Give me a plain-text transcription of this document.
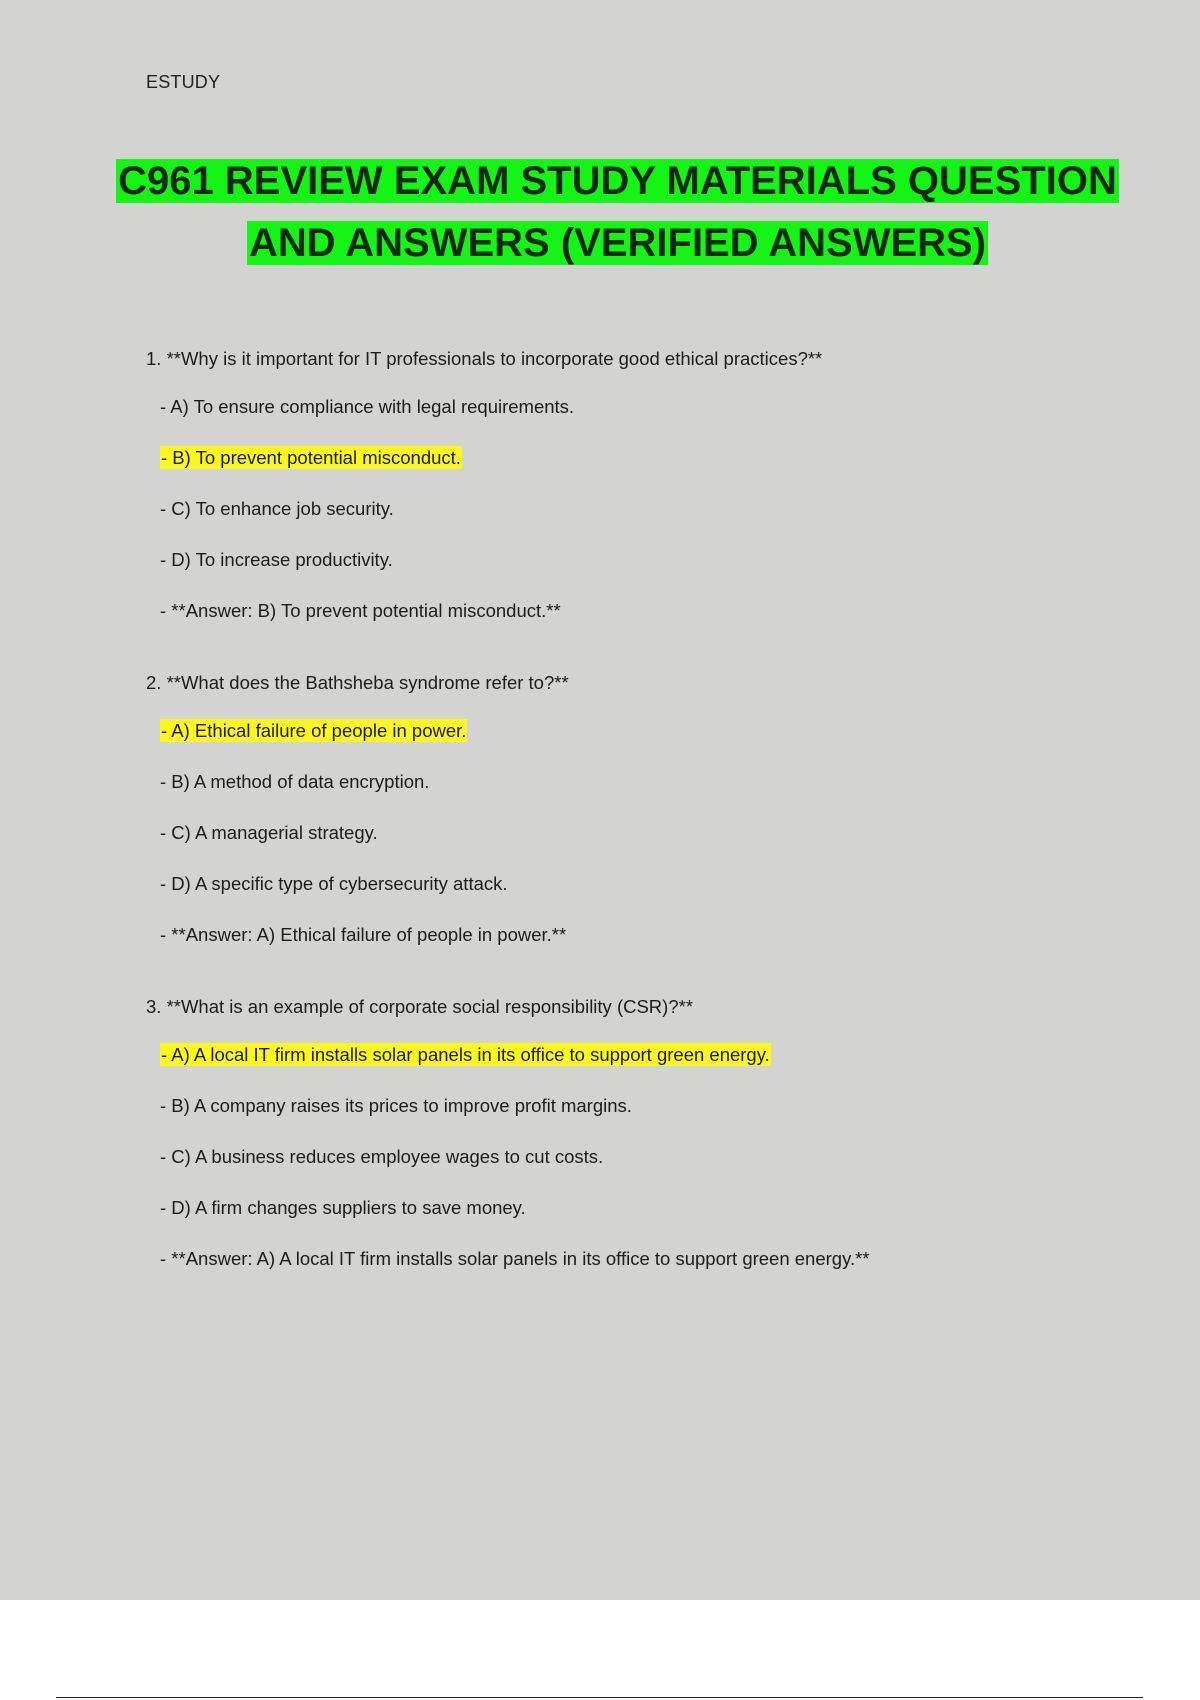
ESTUDY
C961 REVIEW EXAM STUDY MATERIALS QUESTION
AND ANSWERS (VERIFIED ANSWERS)
1. **Why is it important for IT professionals to incorporate good ethical practices?**
- A) To ensure compliance with legal requirements.
- B) To prevent potential misconduct.
- C) To enhance job security.
- D) To increase productivity.
- **Answer: B) To prevent potential misconduct.**
2. **What does the Bathsheba syndrome refer to?**
- A) Ethical failure of people in power.
- B) A method of data encryption.
- C) A managerial strategy.
- D) A specific type of cybersecurity attack.
- **Answer: A) Ethical failure of people in power.**
3. **What is an example of corporate social responsibility (CSR)?**
- A) A local IT firm installs solar panels in its office to support green energy.
- B) A company raises its prices to improve profit margins.
- C) A business reduces employee wages to cut costs.
- D) A firm changes suppliers to save money.
- **Answer: A) A local IT firm installs solar panels in its office to support green energy.**
